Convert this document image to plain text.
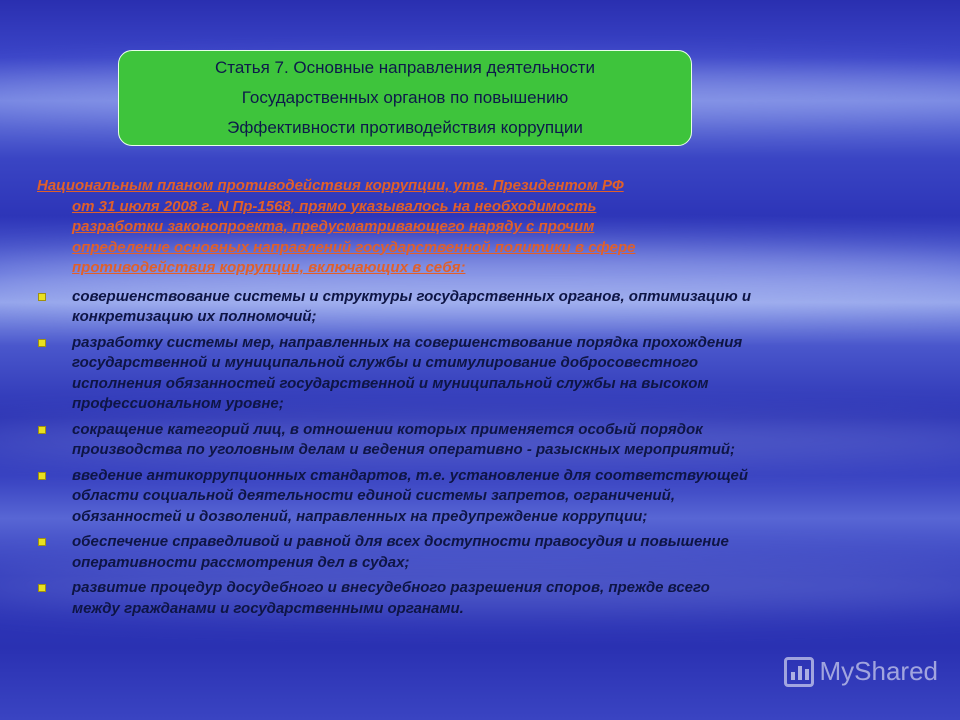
Статья 7. Основные направления деятельности
Государственных органов по повышению
Эффективности противодействия коррупции
Национальным планом противодействия коррупции, утв. Президентом РФ
от 31 июля 2008 г. N Пр-1568, прямо указывалось на необходимость
разработки законопроекта, предусматривающего наряду с прочим
определение основных направлений государственной политики в сфере
противодействия коррупции, включающих в себя:
совершенствование системы и структуры государственных органов, оптимизацию и конкретизацию их полномочий;
разработку системы мер, направленных на совершенствование порядка прохождения государственной и муниципальной службы и стимулирование добросовестного исполнения обязанностей государственной и муниципальной службы на высоком профессиональном уровне;
сокращение категорий лиц, в отношении которых применяется особый порядок производства по уголовным делам и ведения оперативно - разыскных мероприятий;
введение антикоррупционных стандартов, т.е. установление для соответствующей области социальной деятельности единой системы запретов, ограничений, обязанностей и дозволений, направленных на предупреждение коррупции;
обеспечение справедливой и равной для всех доступности правосудия и повышение оперативности рассмотрения дел в судах;
развитие процедур досудебного и внесудебного разрешения споров, прежде всего между гражданами и государственными органами.
MyShared
